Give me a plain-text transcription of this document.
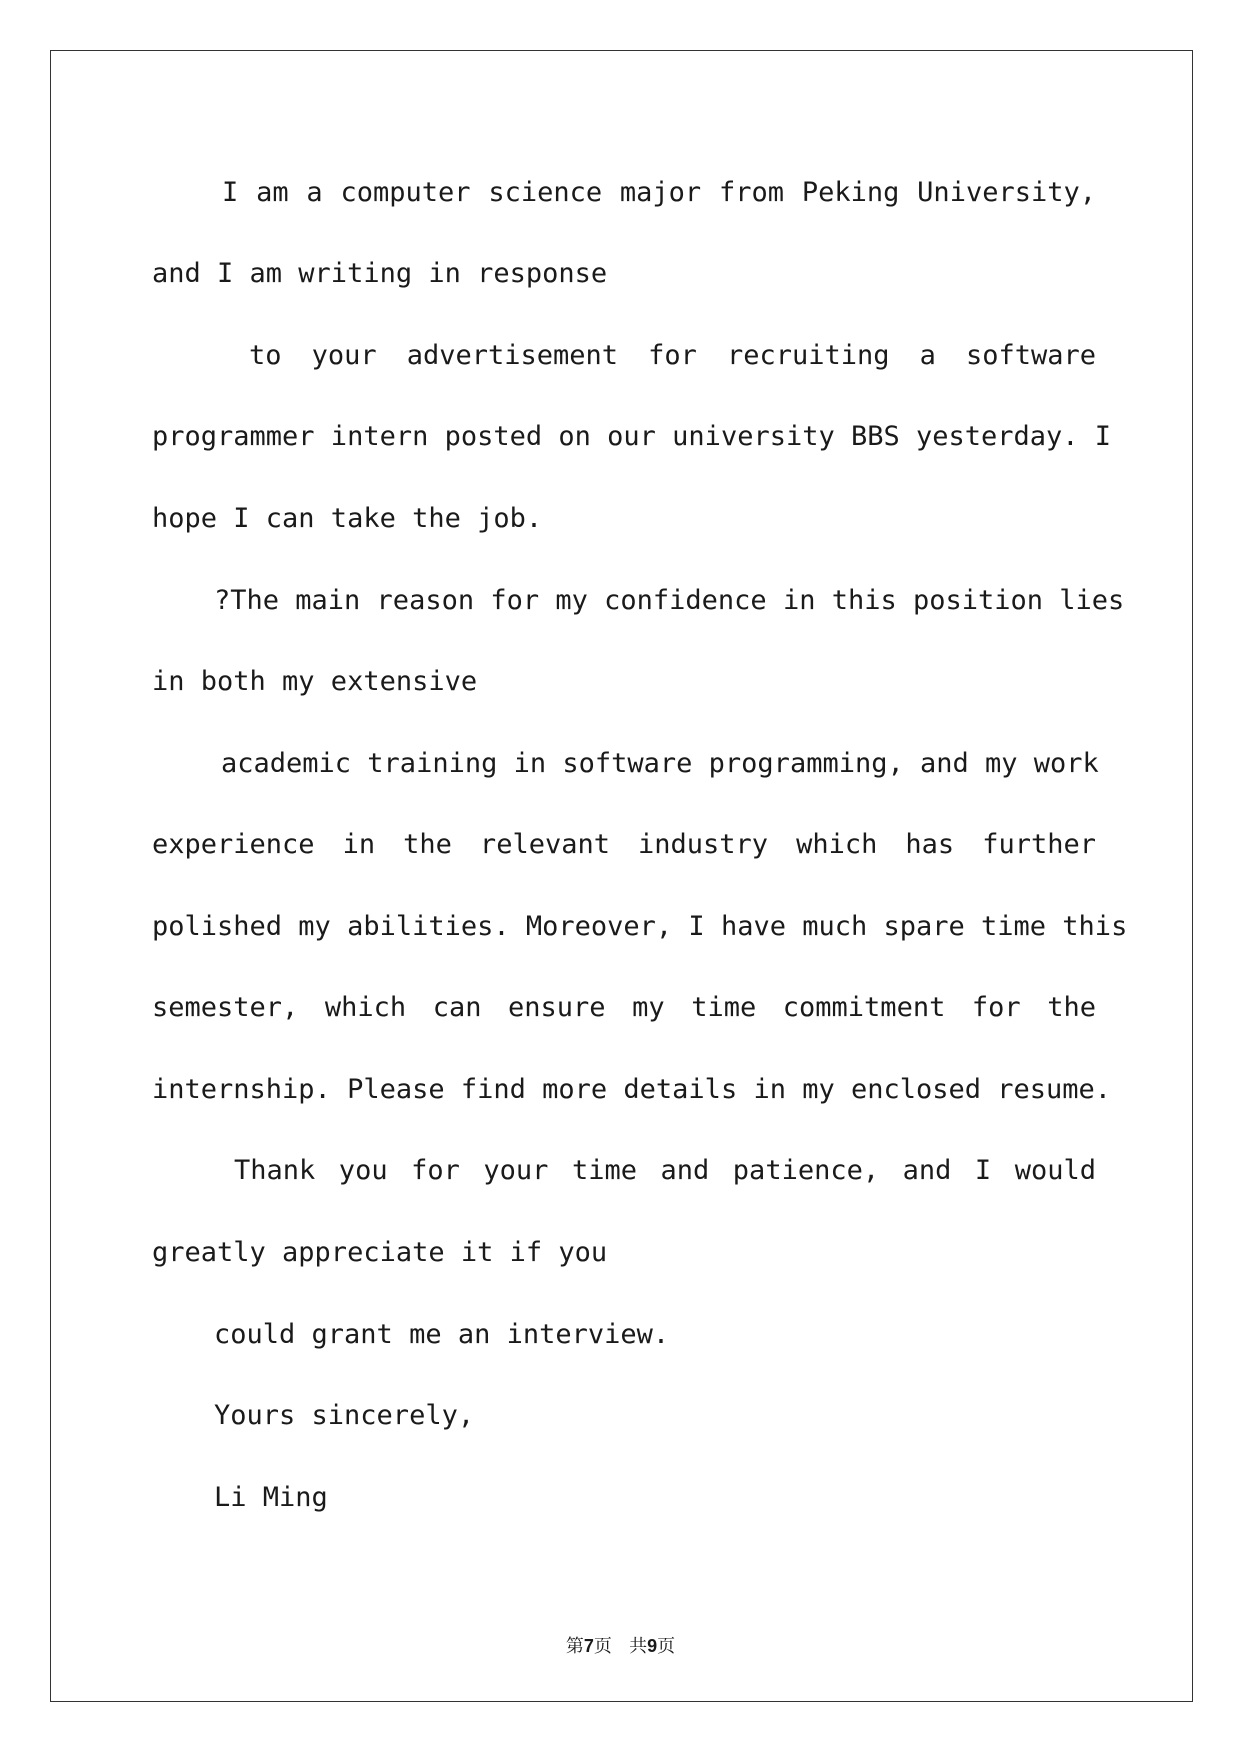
I am a computer science major from Peking University,
and I am writing in response
to your advertisement for recruiting a software
programmer intern posted on our university BBS yesterday. I
hope I can take the job.
?The main reason for my confidence in this position lies
in both my extensive
academic training in software programming, and my work
experience in the relevant industry which has further
polished my abilities. Moreover, I have much spare time this
semester, which can ensure my time commitment for the
internship. Please find more details in my enclosed resume.
Thank you for your time and patience, and I would
greatly appreciate it if you
could grant me an interview.
Yours sincerely,
Li Ming
第7页 共9页
